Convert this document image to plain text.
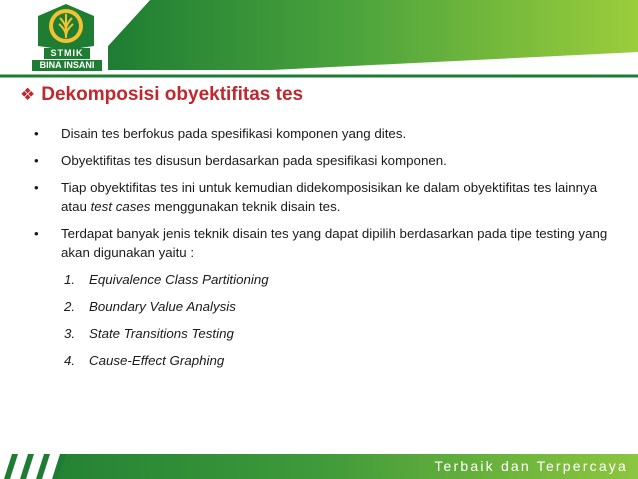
STMIK
BINA INSANI
❖ Dekomposisi obyektifitas tes
• Disain tes berfokus pada spesifikasi komponen yang dites.
• Obyektifitas tes disusun berdasarkan pada spesifikasi komponen.
• Tiap obyektifitas tes ini untuk kemudian didekomposisikan ke dalam obyektifitas tes lainnya atau test cases menggunakan teknik disain tes.
• Terdapat banyak jenis teknik disain tes yang dapat dipilih berdasarkan pada tipe testing yang akan digunakan yaitu :
1. Equivalence Class Partitioning
2. Boundary Value Analysis
3. State Transitions Testing
4. Cause-Effect Graphing
Terbaik dan Terpercaya
